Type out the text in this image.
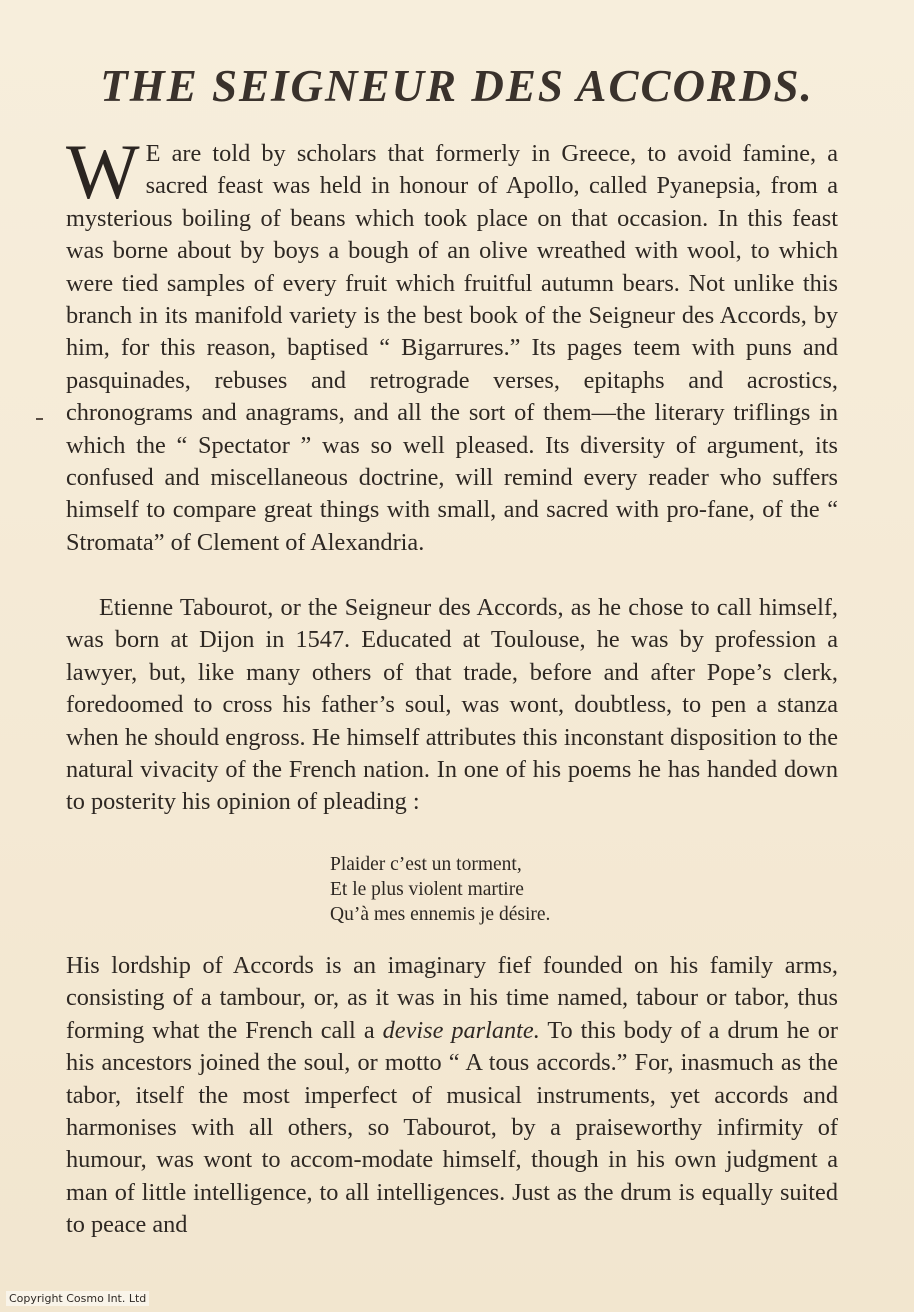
THE SEIGNEUR DES ACCORDS.

W E are told by scholars that formerly in Greece, to avoid famine, a sacred feast was held in honour of Apollo, called Pyanepsia, from a mysterious boiling of beans which took place on that occasion. In this feast was borne about by boys a bough of an olive wreathed with wool, to which were tied samples of every fruit which fruitful autumn bears. Not unlike this branch in its manifold variety is the best book of the Seigneur des Accords, by him, for this reason, baptised “ Bigarrures.” Its pages teem with puns and pasquinades, rebuses and retrograde verses, epitaphs and acrostics, chronograms and anagrams, and all the sort of them—the literary triflings in which the “ Spectator ” was so well pleased. Its diversity of argument, its confused and miscellaneous doctrine, will remind every reader who suffers himself to compare great things with small, and sacred with pro-fane, of the “ Stromata” of Clement of Alexandria.

Etienne Tabourot, or the Seigneur des Accords, as he chose to call himself, was born at Dijon in 1547. Educated at Toulouse, he was by profession a lawyer, but, like many others of that trade, before and after Pope’s clerk, foredoomed to cross his father’s soul, was wont, doubtless, to pen a stanza when he should engross. He himself attributes this inconstant disposition to the natural vivacity of the French nation. In one of his poems he has handed down to posterity his opinion of pleading :

Plaider c’est un torment,
Et le plus violent martire
Qu’à mes ennemis je désire.

His lordship of Accords is an imaginary fief founded on his family arms, consisting of a tambour, or, as it was in his time named, tabour or tabor, thus forming what the French call a devise parlante. To this body of a drum he or his ancestors joined the soul, or motto “ A tous accords.” For, inasmuch as the tabor, itself the most imperfect of musical instruments, yet accords and harmonises with all others, so Tabourot, by a praiseworthy infirmity of humour, was wont to accom-modate himself, though in his own judgment a man of little intelligence, to all intelligences. Just as the drum is equally suited to peace and

Copyright Cosmo Int. Ltd
